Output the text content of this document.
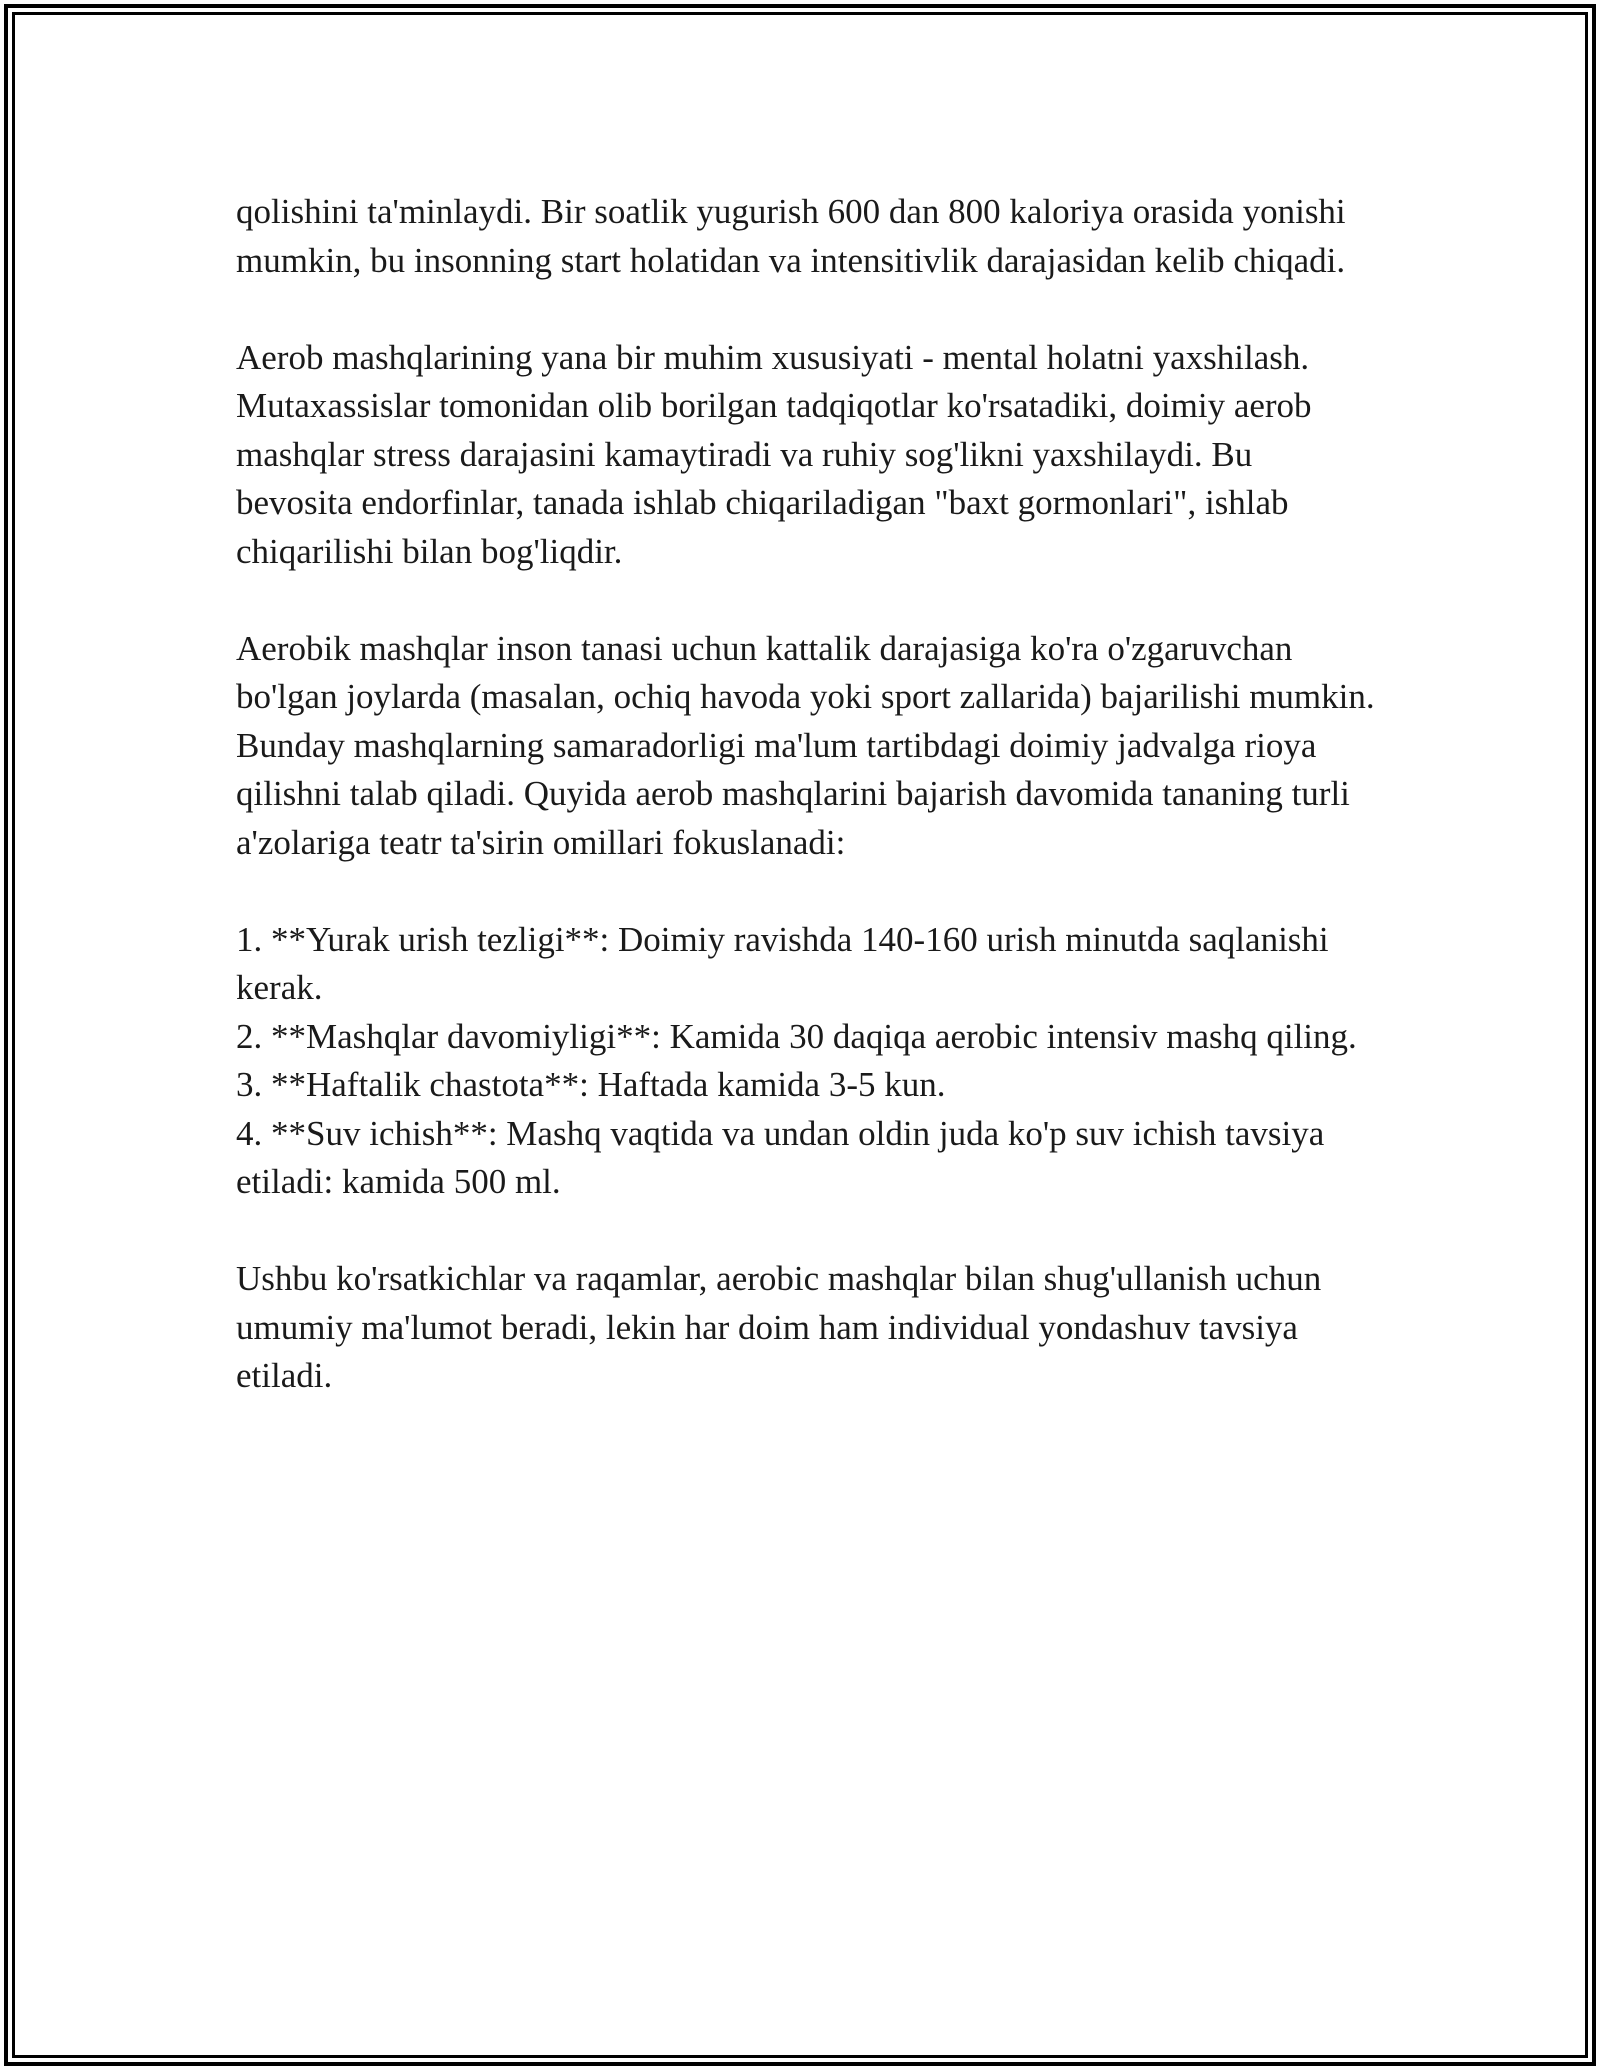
qolishini ta'minlaydi. Bir soatlik yugurish 600 dan 800 kaloriya orasida yonishi mumkin, bu insonning start holatidan va intensitivlik darajasidan kelib chiqadi.

Aerob mashqlarining yana bir muhim xususiyati - mental holatni yaxshilash. Mutaxassislar tomonidan olib borilgan tadqiqotlar ko'rsatadiki, doimiy aerob mashqlar stress darajasini kamaytiradi va ruhiy sog'likni yaxshilaydi. Bu bevosita endorfinlar, tanada ishlab chiqariladigan "baxt gormonlari", ishlab chiqarilishi bilan bog'liqdir.

Aerobik mashqlar inson tanasi uchun kattalik darajasiga ko'ra o'zgaruvchan bo'lgan joylarda (masalan, ochiq havoda yoki sport zallarida) bajarilishi mumkin. Bunday mashqlarning samaradorligi ma'lum tartibdagi doimiy jadvalga rioya qilishni talab qiladi. Quyida aerob mashqlarini bajarish davomida tananing turli a'zolariga teatr ta'sirin omillari fokuslanadi:

1. **Yurak urish tezligi**: Doimiy ravishda 140-160 urish minutda saqlanishi kerak.

2. **Mashqlar davomiyligi**: Kamida 30 daqiqa aerobic intensiv mashq qiling.

3. **Haftalik chastota**: Haftada kamida 3-5 kun.

4. **Suv ichish**: Mashq vaqtida va undan oldin juda ko'p suv ichish tavsiya etiladi: kamida 500 ml.

Ushbu ko'rsatkichlar va raqamlar, aerobic mashqlar bilan shug'ullanish uchun umumiy ma'lumot beradi, lekin har doim ham individual yondashuv tavsiya etiladi.
